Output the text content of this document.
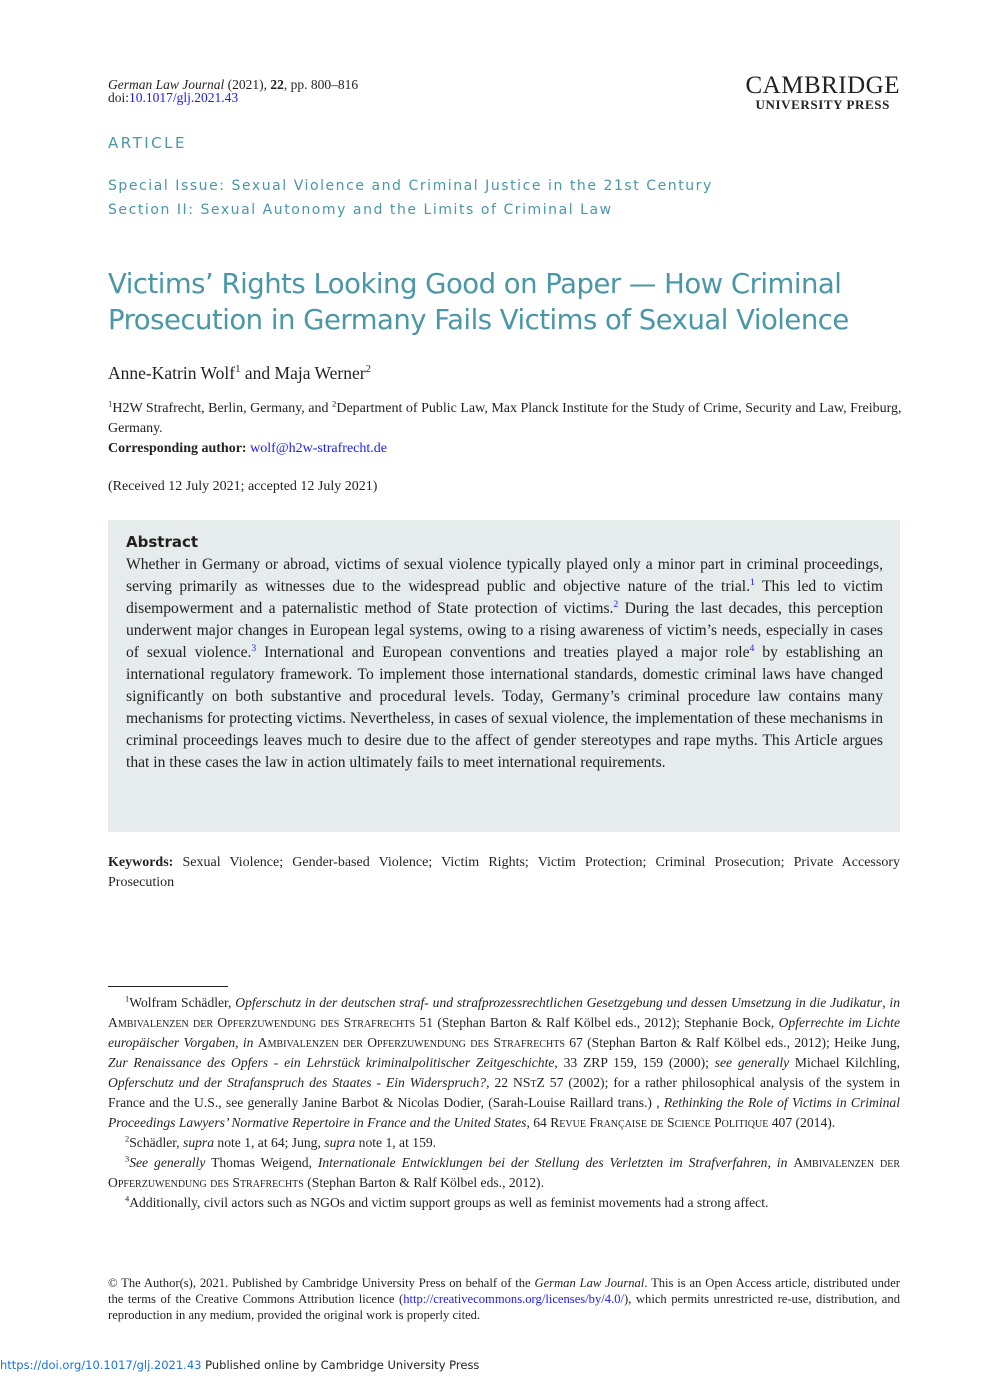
German Law Journal (2021), 22, pp. 800–816
doi:10.1017/glj.2021.43	CAMBRIDGE
UNIVERSITY PRESS
ARTICLE
Special Issue: Sexual Violence and Criminal Justice in the 21st Century
Section II: Sexual Autonomy and the Limits of Criminal Law
Victims’ Rights Looking Good on Paper — How Criminal Prosecution in Germany Fails Victims of Sexual Violence
Anne-Katrin Wolf$^1$ and Maja Werner$^2$
$^1$H2W Strafrecht, Berlin, Germany, and $^2$Department of Public Law, Max Planck Institute for the Study of Crime, Security and Law, Freiburg, Germany.
Corresponding author: wolf@h2w-strafrecht.de
(Received 12 July 2021; accepted 12 July 2021)
Abstract
Whether in Germany or abroad, victims of sexual violence typically played only a minor part in criminal proceedings, serving primarily as witnesses due to the widespread public and objective nature of the trial.$^1$ This led to victim disempowerment and a paternalistic method of State protection of victims.$^2$ During the last decades, this perception underwent major changes in European legal systems, owing to a rising awareness of victim’s needs, especially in cases of sexual violence.$^3$ International and European conventions and treaties played a major role$^4$ by establishing an international regulatory framework. To implement those international standards, domestic criminal laws have changed significantly on both substantive and procedural levels. Today, Germany’s criminal procedure law contains many mechanisms for protecting victims. Nevertheless, in cases of sexual violence, the implementation of these mechanisms in criminal proceedings leaves much to desire due to the affect of gender stereotypes and rape myths. This Article argues that in these cases the law in action ultimately fails to meet international requirements.
Keywords: Sexual Violence; Gender-based Violence; Victim Rights; Victim Protection; Criminal Prosecution; Private Accessory Prosecution

$^1$Wolfram Schädler, Opferschutz in der deutschen straf- und strafprozessrechtlichen Gesetzgebung und dessen Umsetzung in die Judikatur, in Ambivalenzen der Opferzuwendung des Strafrechts 51 (Stephan Barton & Ralf Kölbel eds., 2012); Stephanie Bock, Opferrechte im Lichte europäischer Vorgaben, in Ambivalenzen der Opferzuwendung des Strafrechts 67 (Stephan Barton & Ralf Kölbel eds., 2012); Heike Jung, Zur Renaissance des Opfers - ein Lehrstück kriminalpolitischer Zeitgeschichte, 33 ZRP 159, 159 (2000); see generally Michael Kilchling, Opferschutz und der Strafanspruch des Staates - Ein Widerspruch?, 22 NStZ 57 (2002); for a rather philosophical analysis of the system in France and the U.S., see generally Janine Barbot & Nicolas Dodier, (Sarah-Louise Raillard trans.) , Rethinking the Role of Victims in Criminal Proceedings Lawyers’ Normative Repertoire in France and the United States, 64 Revue Française de Science Politique 407 (2014).

$^2$Schädler, supra note 1, at 64; Jung, supra note 1, at 159.

$^3$See generally Thomas Weigend, Internationale Entwicklungen bei der Stellung des Verletzten im Strafverfahren, in Ambivalenzen der Opferzuwendung des Strafrechts (Stephan Barton & Ralf Kölbel eds., 2012).

$^4$Additionally, civil actors such as NGOs and victim support groups as well as feminist movements had a strong affect.

© The Author(s), 2021. Published by Cambridge University Press on behalf of the German Law Journal. This is an Open Access article, distributed under the terms of the Creative Commons Attribution licence (http://creativecommons.org/licenses/by/4.0/), which permits unrestricted re-use, distribution, and reproduction in any medium, provided the original work is properly cited.
https://doi.org/10.1017/glj.2021.43 Published online by Cambridge University Press
